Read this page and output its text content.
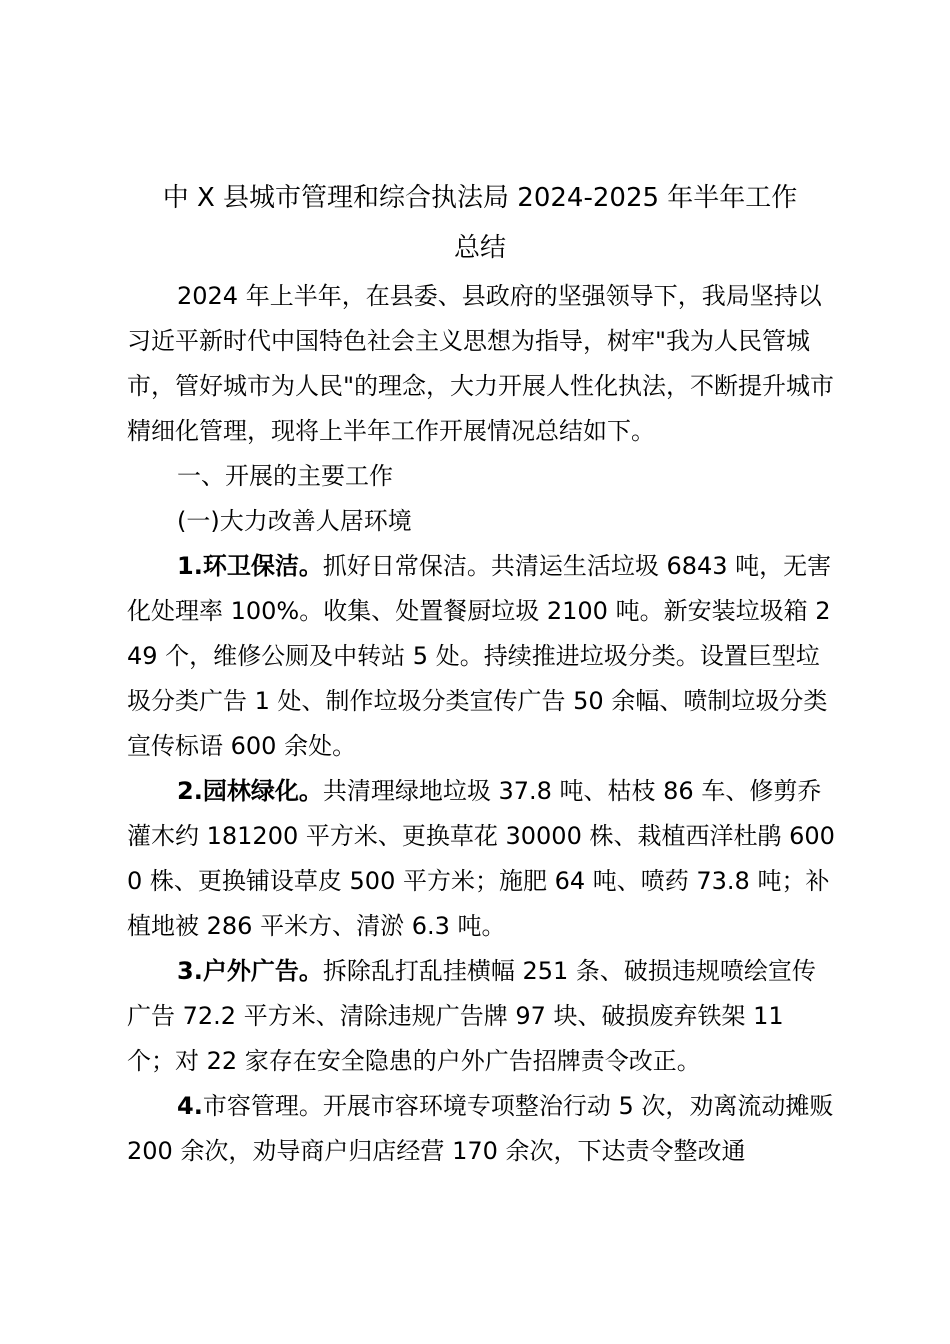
中 X 县城市管理和综合执法局 2024-2025 年半年工作
总结

2024 年上半年，在县委、县政府的坚强领导下，我局坚持以习近平新时代中国特色社会主义思想为指导，树牢"我为人民管城市，管好城市为人民"的理念，大力开展人性化执法，不断提升城市精细化管理，现将上半年工作开展情况总结如下。

一、开展的主要工作

(一)大力改善人居环境

1.环卫保洁。抓好日常保洁。共清运生活垃圾 6843 吨，无害化处理率 100%。收集、处置餐厨垃圾 2100 吨。新安装垃圾箱 249 个，维修公厕及中转站 5 处。持续推进垃圾分类。设置巨型垃圾分类广告 1 处、制作垃圾分类宣传广告 50 余幅、喷制垃圾分类宣传标语 600 余处。

2.园林绿化。共清理绿地垃圾 37.8 吨、枯枝 86 车、修剪乔灌木约 181200 平方米、更换草花 30000 株、栽植西洋杜鹃 6000 株、更换铺设草皮 500 平方米；施肥 64 吨、喷药 73.8 吨；补植地被 286 平米方、清淤 6.3 吨。

3.户外广告。拆除乱打乱挂横幅 251 条、破损违规喷绘宣传广告 72.2 平方米、清除违规广告牌 97 块、破损废弃铁架 11 个；对 22 家存在安全隐患的户外广告招牌责令改正。

4.市容管理。开展市容环境专项整治行动 5 次，劝离流动摊贩 200 余次，劝导商户归店经营 170 余次，下达责令整改通
